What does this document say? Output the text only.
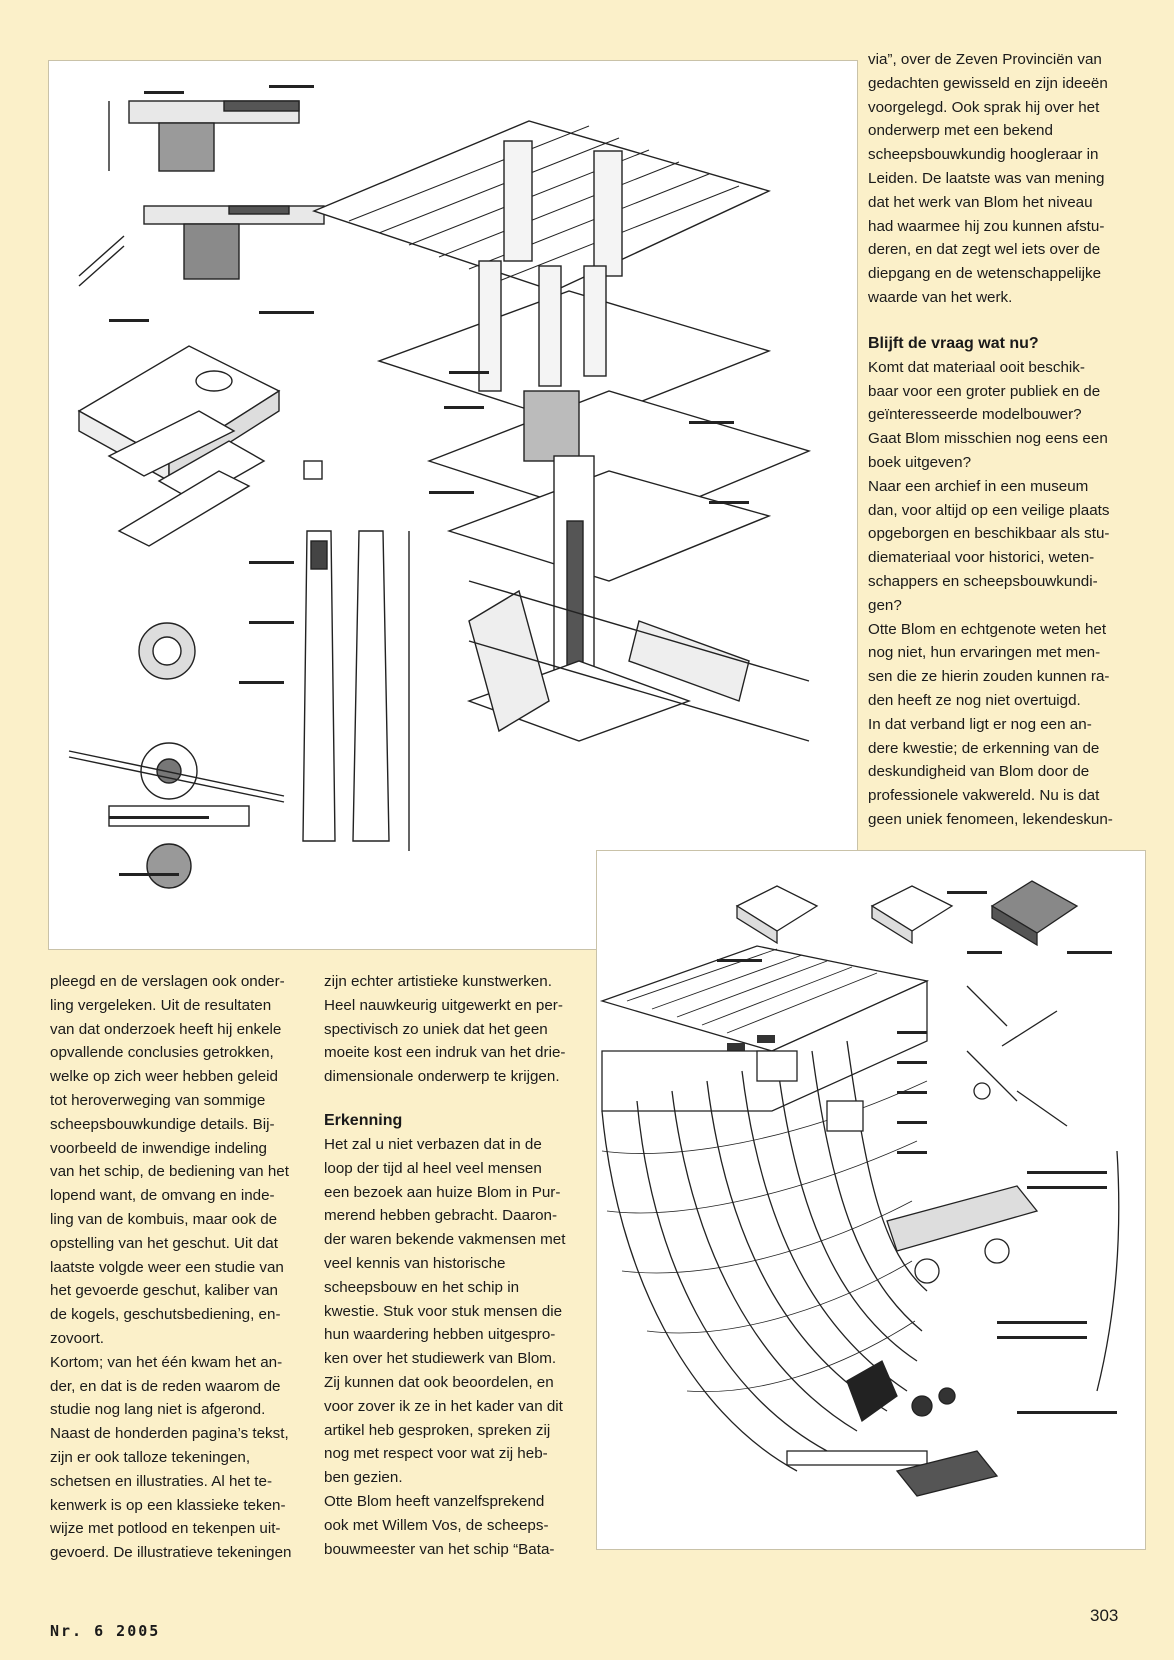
via”, over de Zeven Provinciën van

gedachten gewisseld en zijn ideeën

voorgelegd. Ook sprak hij over het

onderwerp met een bekend

scheepsbouwkundig hoogleraar in

Leiden. De laatste was van mening

dat het werk van Blom het niveau

had waarmee hij zou kunnen afstu-

deren, en dat zegt wel iets over de

diepgang en de wetenschappelijke

waarde van het werk.

Blijft de vraag wat nu?

Komt dat materiaal ooit beschik-

baar voor een groter publiek en de

geïnteresseerde modelbouwer?

Gaat Blom misschien nog eens een

boek uitgeven?

Naar een archief in een museum

dan, voor altijd op een veilige plaats

opgeborgen en beschikbaar als stu-

diemateriaal voor historici, weten-

schappers en scheepsbouwkundi-

gen?

Otte Blom en echtgenote weten het

nog niet, hun ervaringen met men-

sen die ze hierin zouden kunnen ra-

den heeft ze nog niet overtuigd.

In dat verband ligt er nog een an-

dere kwestie; de erkenning van de

deskundigheid van Blom door de

professionele vakwereld. Nu is dat

geen uniek fenomeen, lekendeskun-

pleegd en de verslagen ook onder-

ling vergeleken. Uit de resultaten

van dat onderzoek heeft hij enkele

opvallende conclusies getrokken,

welke op zich weer hebben geleid

tot heroverweging van sommige

scheepsbouwkundige details. Bij-

voorbeeld de inwendige indeling

van het schip, de bediening van het

lopend want, de omvang en inde-

ling van de kombuis, maar ook de

opstelling van het geschut. Uit dat

laatste volgde weer een studie van

het gevoerde geschut, kaliber van

de kogels, geschutsbediening, en-

zovoort.

Kortom; van het één kwam het an-

der, en dat is de reden waarom de

studie nog lang niet is afgerond.

Naast de honderden pagina’s tekst,

zijn er ook talloze tekeningen,

schetsen en illustraties. Al het te-

kenwerk is op een klassieke teken-

wijze met potlood en tekenpen uit-

gevoerd. De illustratieve tekeningen

zijn echter artistieke kunstwerken.

Heel nauwkeurig uitgewerkt en per-

spectivisch zo uniek dat het geen

moeite kost een indruk van het drie-

dimensionale onderwerp te krijgen.

Erkenning

Het zal u niet verbazen dat in de

loop der tijd al heel veel mensen

een bezoek aan huize Blom in Pur-

merend hebben gebracht. Daaron-

der waren bekende vakmensen met

veel kennis van historische

scheepsbouw en het schip in

kwestie. Stuk voor stuk mensen die

hun waardering hebben uitgespro-

ken over het studiewerk van Blom.

Zij kunnen dat ook beoordelen, en

voor zover ik ze in het kader van dit

artikel heb gesproken, spreken zij

nog met respect voor wat zij heb-

ben gezien.

Otte Blom heeft vanzelfsprekend

ook met Willem Vos, de scheeps-

bouwmeester van het schip “Bata-

Nr. 6 2005
303
